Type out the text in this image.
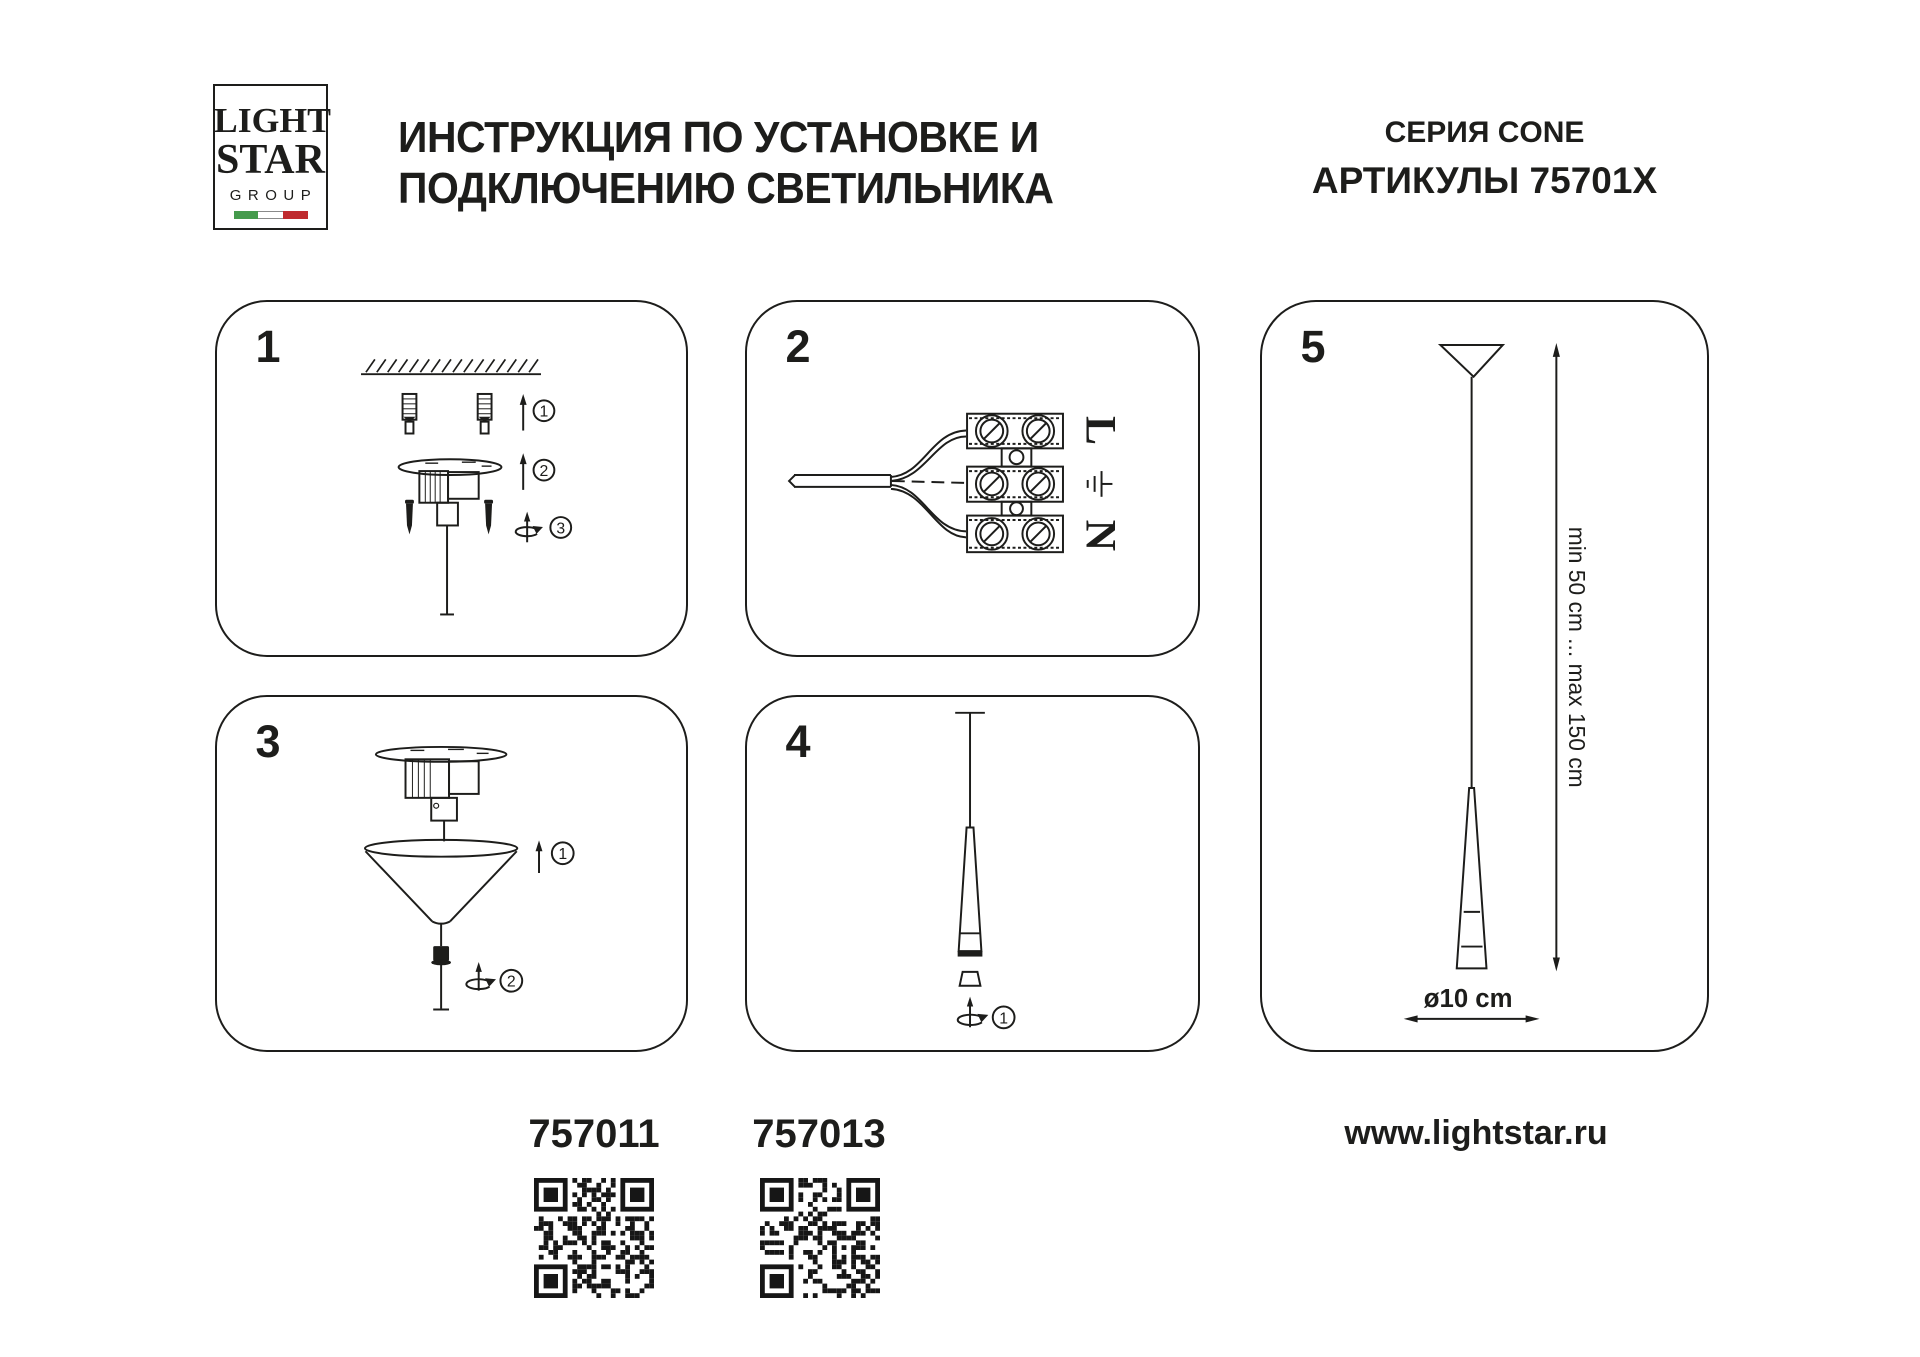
LIGHT
STAR
GROUP
ИНСТРУКЦИЯ ПО УСТАНОВКЕ И
ПОДКЛЮЧЕНИЮ СВЕТИЛЬНИКА
СЕРИЯ CONE
АРТИКУЛЫ 75701X
1
1
2
3
2
L
N
3
1
2
4
1
5
min 50 cm ... max 150 cm
ø10 cm
757011	757013	www.lightstar.ru
